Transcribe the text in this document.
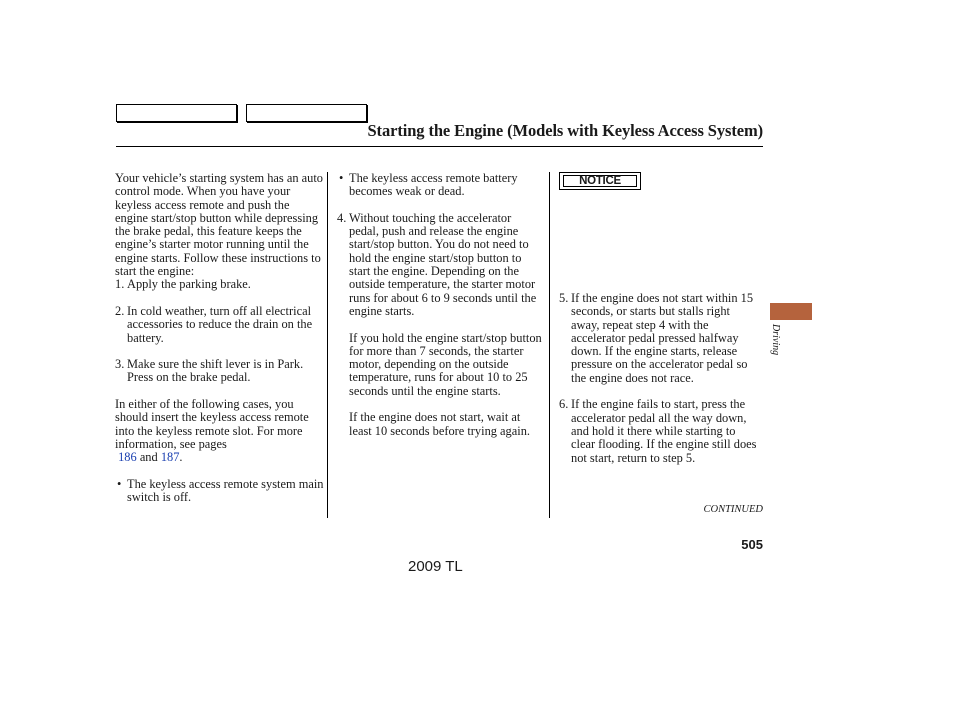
Starting the Engine (Models with Keyless Access System)

Your vehicle’s starting system has an auto control mode. When you have your keyless access remote and push the engine start/stop button while depressing the brake pedal, this feature keeps the engine’s starter motor running until the engine starts. Follow these instructions to start the engine:

1. Apply the parking brake.
2. In cold weather, turn off all electrical accessories to reduce the drain on the battery.
3. Make sure the shift lever is in Park. Press on the brake pedal.

In either of the following cases, you should insert the keyless access remote into the keyless remote slot. For more information, see pages
186 and 187.

• The keyless access remote system main switch is off.
• The keyless access remote battery becomes weak or dead.
4. Without touching the accelerator pedal, push and release the engine start/stop button. You do not need to hold the engine start/stop button to start the engine. Depending on the outside temperature, the starter motor runs for about 6 to 9 seconds until the engine starts.

If you hold the engine start/stop button for more than 7 seconds, the starter motor, depending on the outside temperature, runs for about 10 to 25 seconds until the engine starts.

If the engine does not start, wait at least 10 seconds before trying again.

NOTICE
5. If the engine does not start within 15 seconds, or starts but stalls right away, repeat step 4 with the accelerator pedal pressed halfway down. If the engine starts, release pressure on the accelerator pedal so the engine does not race.
6. If the engine fails to start, press the accelerator pedal all the way down, and hold it there while starting to clear flooding. If the engine still does not start, return to step 5.
Driving
CONTINUED
505
2009 TL
